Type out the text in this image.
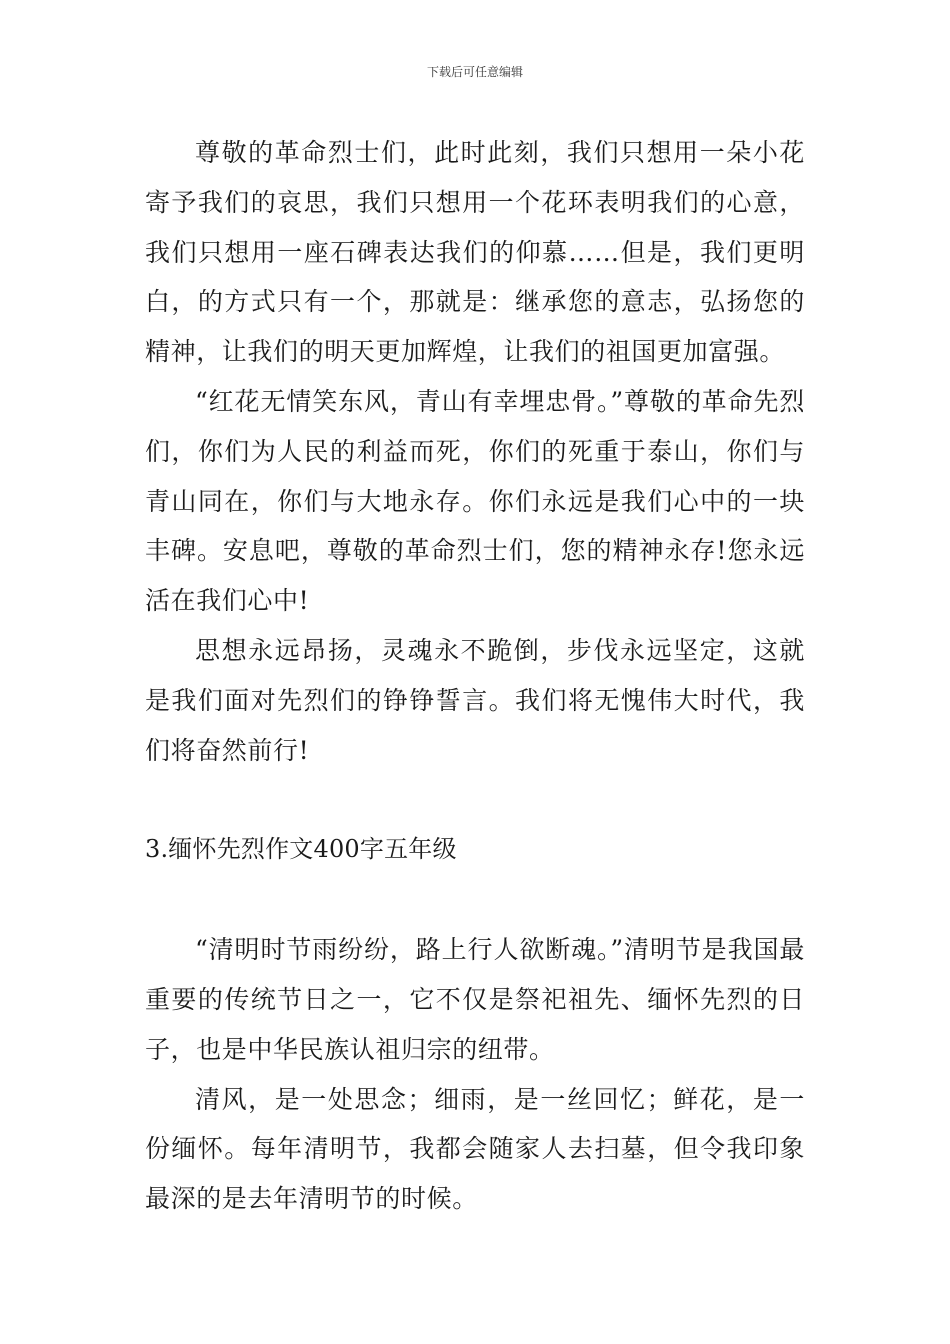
下载后可任意编辑

尊敬的革命烈士们，此时此刻，我们只想用一朵小花寄予我们的哀思，我们只想用一个花环表明我们的心意，我们只想用一座石碑表达我们的仰慕……但是，我们更明白，的方式只有一个，那就是：继承您的意志，弘扬您的精神，让我们的明天更加辉煌，让我们的祖国更加富强。

“红花无情笑东风，青山有幸埋忠骨。”尊敬的革命先烈们，你们为人民的利益而死，你们的死重于泰山，你们与青山同在，你们与大地永存。你们永远是我们心中的一块丰碑。安息吧，尊敬的革命烈士们，您的精神永存!您永远活在我们心中!

思想永远昂扬，灵魂永不跪倒，步伐永远坚定，这就是我们面对先烈们的铮铮誓言。我们将无愧伟大时代，我们将奋然前行!

3.缅怀先烈作文400字五年级

“清明时节雨纷纷，路上行人欲断魂。”清明节是我国最重要的传统节日之一，它不仅是祭祀祖先、缅怀先烈的日子，也是中华民族认祖归宗的纽带。

清风，是一处思念；细雨，是一丝回忆；鲜花，是一份缅怀。每年清明节，我都会随家人去扫墓，但令我印象最深的是去年清明节的时候。
